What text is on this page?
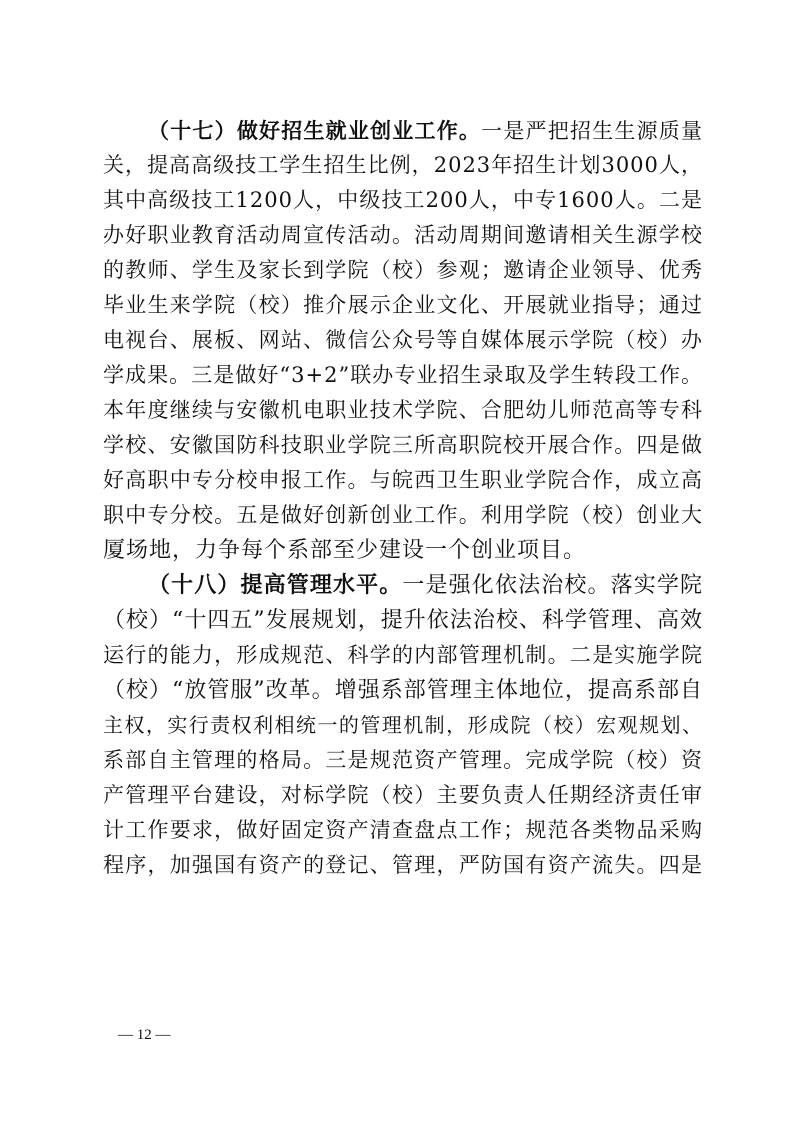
（十七）做好招生就业创业工作。一是严把招生生源质量
关，提高高级技工学生招生比例，2023年招生计划3000人，
其中高级技工1200人，中级技工200人，中专1600人。二是
办好职业教育活动周宣传活动。活动周期间邀请相关生源学校
的教师、学生及家长到学院（校）参观；邀请企业领导、优秀
毕业生来学院（校）推介展示企业文化、开展就业指导；通过
电视台、展板、网站、微信公众号等自媒体展示学院（校）办
学成果。三是做好“3+2”联办专业招生录取及学生转段工作。
本年度继续与安徽机电职业技术学院、合肥幼儿师范高等专科
学校、安徽国防科技职业学院三所高职院校开展合作。四是做
好高职中专分校申报工作。与皖西卫生职业学院合作，成立高
职中专分校。五是做好创新创业工作。利用学院（校）创业大
厦场地，力争每个系部至少建设一个创业项目。
（十八）提高管理水平。一是强化依法治校。落实学院
（校）“十四五”发展规划，提升依法治校、科学管理、高效
运行的能力，形成规范、科学的内部管理机制。二是实施学院
（校）“放管服”改革。增强系部管理主体地位，提高系部自
主权，实行责权利相统一的管理机制，形成院（校）宏观规划、
系部自主管理的格局。三是规范资产管理。完成学院（校）资
产管理平台建设，对标学院（校）主要负责人任期经济责任审
计工作要求，做好固定资产清查盘点工作；规范各类物品采购
程序，加强国有资产的登记、管理，严防国有资产流失。四是
— 12 —
